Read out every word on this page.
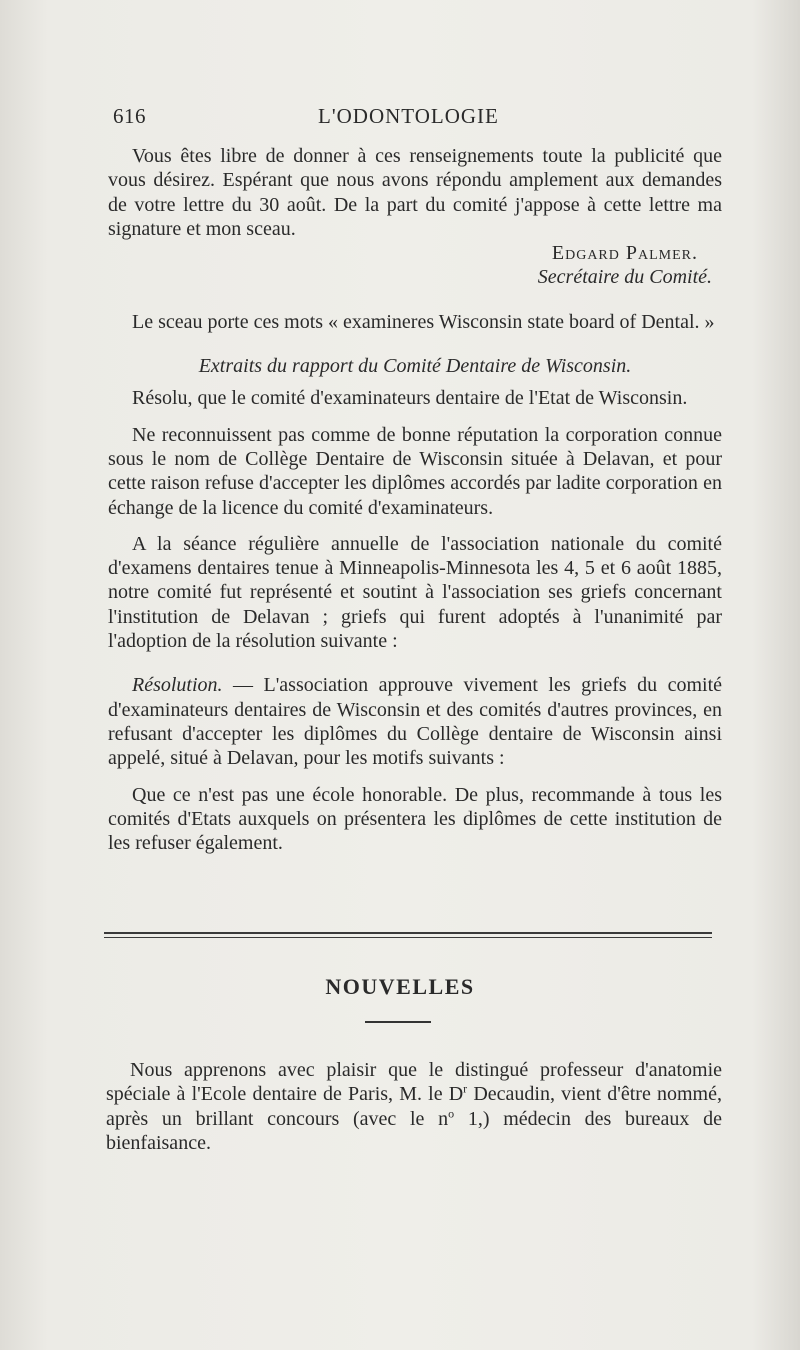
616	L'ODONTOLOGIE

Vous êtes libre de donner à ces renseignements toute la publicité que vous désirez. Espérant que nous avons répondu amplement aux demandes de votre lettre du 30 août. De la part du comité j'appose à cette lettre ma signature et mon sceau.

Edgard Palmer.
Secrétaire du Comité.

Le sceau porte ces mots « examineres Wisconsin state board of Dental. »

Extraits du rapport du Comité Dentaire de Wisconsin.

Résolu, que le comité d'examinateurs dentaire de l'Etat de Wisconsin.

Ne reconnuissent pas comme de bonne réputation la corporation connue sous le nom de Collège Dentaire de Wisconsin située à Delavan, et pour cette raison refuse d'accepter les diplômes accordés par ladite corporation en échange de la licence du comité d'examinateurs.

A la séance régulière annuelle de l'association nationale du comité d'examens dentaires tenue à Minneapolis-Minnesota les 4, 5 et 6 août 1885, notre comité fut représenté et soutint à l'association ses griefs concernant l'institution de Delavan ; griefs qui furent adoptés à l'unanimité par l'adoption de la résolution suivante :

Résolution. — L'association approuve vivement les griefs du comité d'examinateurs dentaires de Wisconsin et des comités d'autres provinces, en refusant d'accepter les diplômes du Collège dentaire de Wisconsin ainsi appelé, situé à Delavan, pour les motifs suivants :

Que ce n'est pas une école honorable. De plus, recommande à tous les comités d'Etats auxquels on présentera les diplômes de cette institution de les refuser également.

NOUVELLES

Nous apprenons avec plaisir que le distingué professeur d'anatomie spéciale à l'Ecole dentaire de Paris, M. le $D^r$ Decaudin, vient d'être nommé, après un brillant concours (avec le $n^o$ 1,) médecin des bureaux de bienfaisance.
